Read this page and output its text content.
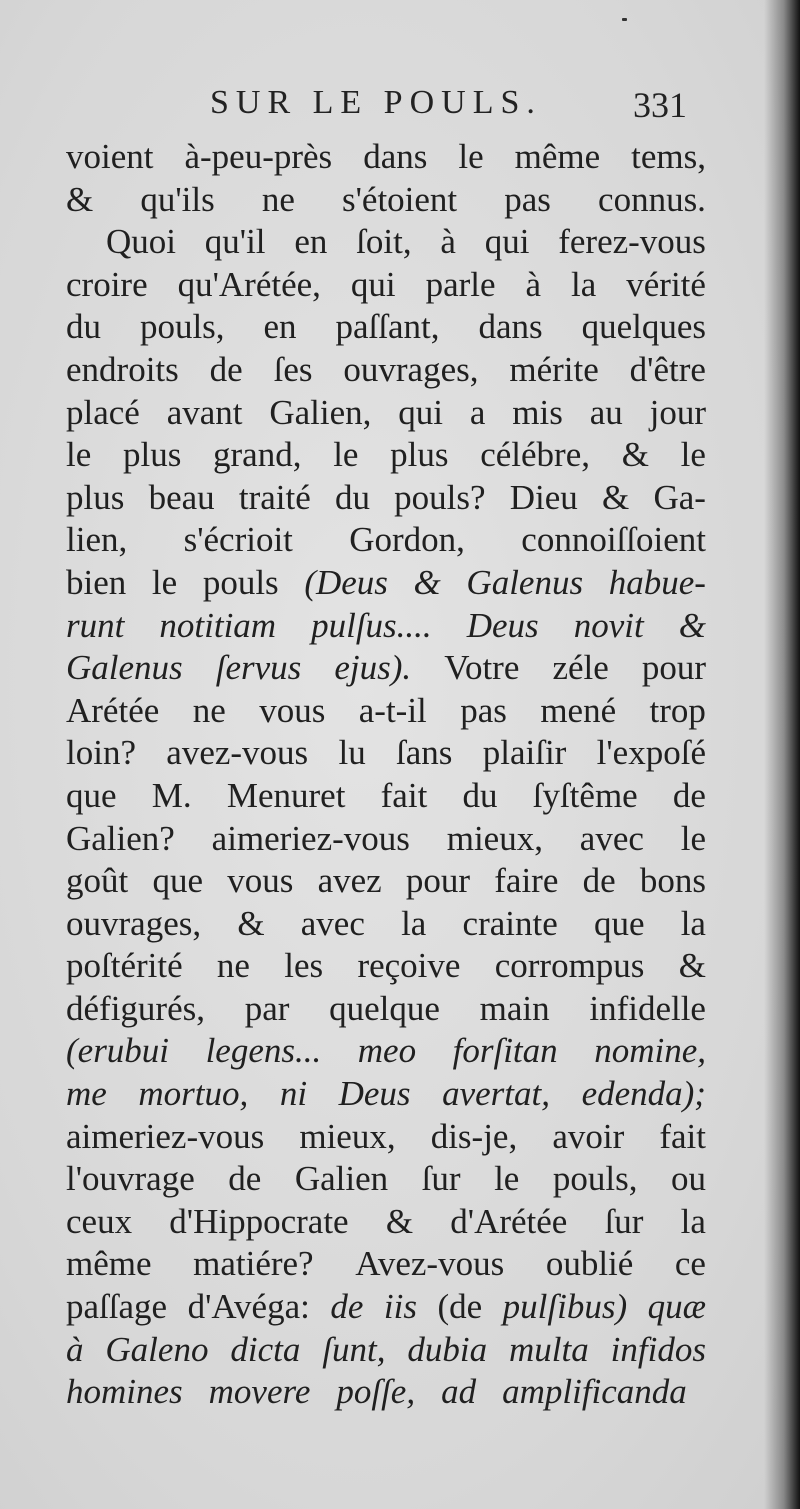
SUR LE POULS.	331
voient à-peu-près dans le même tems,
& qu'ils ne s'étoient pas connus.
Quoi qu'il en ſoit, à qui ferez-vous
croire qu'Arétée, qui parle à la vérité
du pouls, en paſſant, dans quelques
endroits de ſes ouvrages, mérite d'être
placé avant Galien, qui a mis au jour
le plus grand, le plus célébre, & le
plus beau traité du pouls? Dieu & Ga-
lien, s'écrioit Gordon, connoiſſoient
bien le pouls (Deus & Galenus habue-
runt notitiam pulſus.... Deus novit &
Galenus ſervus ejus). Votre zéle pour
Arétée ne vous a-t-il pas mené trop
loin? avez-vous lu ſans plaiſir l'expoſé
que M. Menuret fait du ſyſtême de
Galien? aimeriez-vous mieux, avec le
goût que vous avez pour faire de bons
ouvrages, & avec la crainte que la
poſtérité ne les reçoive corrompus &
défigurés, par quelque main infidelle
(erubui legens... meo forſitan nomine,
me mortuo, ni Deus avertat, edenda);
aimeriez-vous mieux, dis-je, avoir fait
l'ouvrage de Galien ſur le pouls, ou
ceux d'Hippocrate & d'Arétée ſur la
même matiére? Avez-vous oublié ce
paſſage d'Avéga: de iis (de pulſibus) quæ
à Galeno dicta ſunt, dubia multa infidos
homines movere poſſe, ad amplificanda
